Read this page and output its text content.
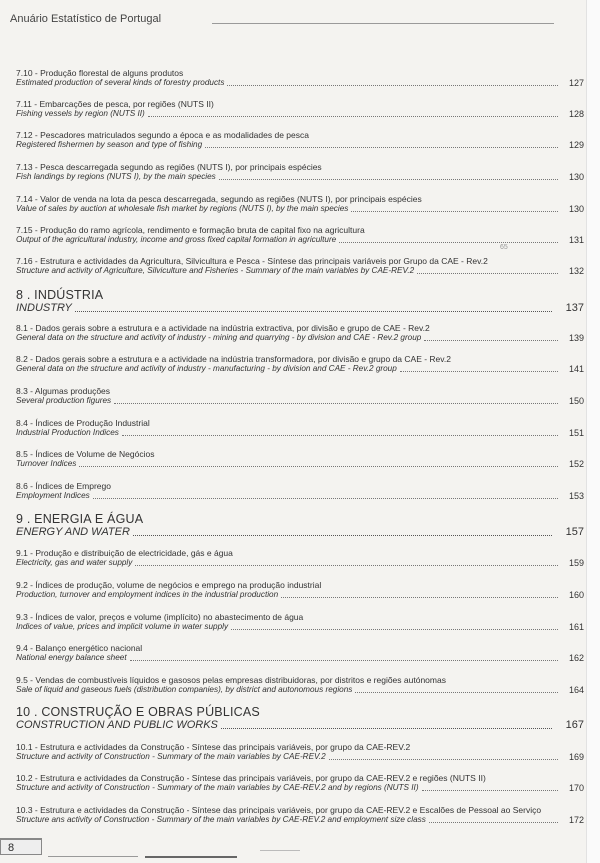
Anuário Estatístico de Portugal
7.10 - Produção florestal de alguns produtos
Estimated production of several kinds of forestry products	127
7.11 - Embarcações de pesca, por regiões (NUTS II)
Fishing vessels by region (NUTS II)	128
7.12 - Pescadores matriculados segundo a época e as modalidades de pesca
Registered fishermen by season and type of fishing	129
7.13 - Pesca descarregada segundo as regiões (NUTS I), por principais espécies
Fish landings by regions (NUTS I), by the main species	130
7.14 - Valor de venda na lota da pesca descarregada, segundo as regiões (NUTS I), por principais espécies
Value of sales by auction at wholesale fish market by regions (NUTS I), by the main species	130
7.15 - Produção do ramo agrícola, rendimento e formação bruta de capital fixo na agricultura
Output of the agricultural industry, income and gross fixed capital formation in agriculture	131
65
7.16 - Estrutura e actividades da Agricultura, Silvicultura e Pesca - Síntese das principais variáveis por Grupo da CAE - Rev.2
Structure and activity of Agriculture, Silviculture and Fisheries - Summary of the main variables by CAE-REV.2	132
8 . INDÚSTRIA
INDUSTRY	137
8.1 - Dados gerais sobre a estrutura e a actividade na indústria extractiva, por divisão e grupo de CAE - Rev.2
General data on the structure and activity of industry - mining and quarrying - by division and CAE - Rev.2 group	139
8.2 - Dados gerais sobre a estrutura e a actividade na indústria transformadora, por divisão e grupo da CAE - Rev.2
General data on the structure and activity of industry - manufacturing - by division and CAE - Rev.2 group	141
8.3 - Algumas produções
Several production figures	150
8.4 - Índices de Produção Industrial
Industrial Production Indices	151
8.5 - Índices de Volume de Negócios
Turnover Indices	152
8.6 - Índices de Emprego
Employment Indices	153
9 . ENERGIA E ÁGUA
ENERGY AND WATER	157
9.1 - Produção e distribuição de electricidade, gás e água
Electricity, gas and water supply	159
9.2 - Índices de produção, volume de negócios e emprego na produção industrial
Production, turnover and employment indices in the industrial production	160
9.3 - Índices de valor, preços e volume (implícito) no abastecimento de água
Indices of value, prices and implicit volume in water supply	161
9.4 - Balanço energético nacional
National energy balance sheet	162
9.5 - Vendas de combustíveis líquidos e gasosos pelas empresas distribuidoras, por distritos e regiões autónomas
Sale of liquid and gaseous fuels (distribution companies), by district and autonomous regions	164
10 . CONSTRUÇÃO E OBRAS PÚBLICAS
CONSTRUCTION AND PUBLIC WORKS	167
10.1 - Estrutura e actividades da Construção - Síntese das principais variáveis, por grupo da CAE-REV.2
Structure and activity of Construction - Summary of the main variables by CAE-REV.2	169
10.2 - Estrutura e actividades da Construção - Síntese das principais variáveis, por grupo da CAE-REV.2 e regiões (NUTS II)
Structure and activity of Construction - Summary of the main variables by CAE-REV.2 and by regions (NUTS II)	170
10.3 - Estrutura e actividades da Construção - Síntese das principais variáveis, por grupo da CAE-REV.2 e Escalões de Pessoal ao Serviço
Structure ans activity of Construction - Summary of the main variables by CAE-REV.2 and employment size class	172
8
